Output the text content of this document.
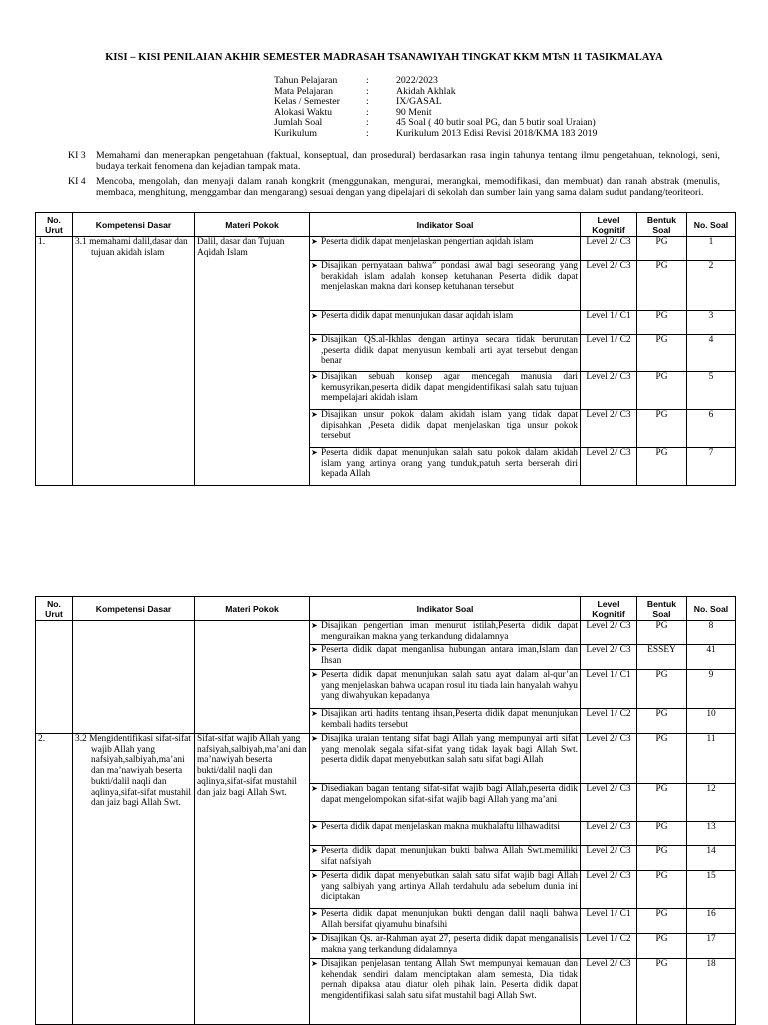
KISI – KISI PENILAIAN AKHIR SEMESTER MADRASAH TSANAWIYAH TINGKAT KKM MTsN 11 TASIKMALAYA
Tahun Pelajaran	:	2022/2023
Mata Pelajaran	:	Akidah Akhlak
Kelas / Semester	:	IX/GASAL
Alokasi Waktu	:	90 Menit
Jumlah Soal	:	45 Soal ( 40 butir soal PG, dan 5 butir soal Uraian)
Kurikulum	:	Kurikulum 2013 Edisi Revisi 2018/KMA 183 2019
KI 3	Memahami dan menerapkan pengetahuan (faktual, konseptual, dan prosedural) berdasarkan rasa ingin tahunya tentang ilmu pengetahuan, teknologi, seni, budaya terkait fenomena dan kejadian tampak mata.
KI 4	Mencoba, mengolah, dan menyaji dalam ranah kongkrit (menggunakan, mengurai, merangkai, memodifikasi, dan membuat) dan ranah abstrak (menulis, membaca, menghitung, menggambar dan mengarang) sesuai dengan yang dipelajari di sekolah dan sumber lain yang sama dalam sudut pandang/teoriteori.
No. Urut	Kompetensi Dasar	Materi Pokok	Indikator Soal	Level Kognitif	Bentuk Soal	No. Soal
1.	3.1 memahami dalil,dasar dan tujuan akidah islam	Dalil, dasar dan Tujuan Aqidah Islam	➤ Peserta didik dapat menjelaskan pengertian aqidah islam	Level 2/ C3	PG	1
			➤ Disajikan pernyataan bahwa” pondasi awal bagi seseorang yang berakidah islam adalah konsep ketuhanan Peserta didik dapat menjelaskan makna dari konsep ketuhanan tersebut	Level 2/ C3	PG	2
			➤ Peserta didik dapat menunjukan dasar aqidah islam	Level 1/ C1	PG	3
			➤ Disajikan QS.al-Ikhlas dengan artinya secara tidak berurutan ,peserta didik dapat menyusun kembali arti ayat tersebut dengan benar	Level 1/ C2	PG	4
			➤ Disajikan sebuah konsep agar mencegah manusia dari kemusyrikan,peserta didik dapat mengidentifikasi salah satu tujuan mempelajari akidah islam	Level 2/ C3	PG	5
			➤ Disajikan unsur pokok dalam akidah islam yang tidak dapat dipisahkan ,Peseta didik dapat menjelaskan tiga unsur pokok tersebut	Level 2/ C3	PG	6
			➤ Peserta didik dapat menunjukan salah satu pokok dalam akidah islam yang artinya orang yang tunduk,patuh serta berserah diri kepada Allah	Level 2/ C3	PG	7
No. Urut	Kompetensi Dasar	Materi Pokok	Indikator Soal	Level Kognitif	Bentuk Soal	No. Soal
			➤ Disajikan pengertian iman menurut istilah,Peserta didik dapat menguraikan makna yang terkandung didalamnya	Level 2/ C3	PG	8
			➤ Peserta didik dapat menganlisa hubungan antara iman,Islam dan Ihsan	Level 2/ C3	ESSEY	41
			➤ Peserta didik dapat menunjukan salah satu ayat dalam al-qur’an yang menjelaskan bahwa ucapan rosul itu tiada lain hanyalah wahyu yang diwahyukan kepadanya	Level 1/ C1	PG	9
			➤ Disajikan arti hadits tentang ihsan,Peserta didik dapat menunjukan kembali hadits tersebut	Level 1/ C2	PG	10
2.	3.2 Mengidentifikasi sifat-sifat wajib Allah yang nafsiyah,salbiyah,ma’ani dan ma’nawiyah beserta bukti/dalil naqli dan aqlinya,sifat-sifat mustahil dan jaiz bagi Allah Swt.	Sifat-sifat wajib Allah yang nafsiyah,salbiyah,ma’ani dan ma’nawiyah beserta bukti/dalil naqli dan aqlinya,sifat-sifat mustahil dan jaiz bagi Allah Swt.	➤ Disajika uraian tentang sifat bagi Allah yang mempunyai arti sifat yang menolak segala sifat-sifat yang tidak layak bagi Allah Swt. peserta didik dapat menyebutkan salah satu sifat bagi Allah	Level 2/ C3	PG	11
			➤ Disediakan bagan tentang sifat-sifat wajib bagi Allah,peserta didik dapat mengelompokan sifat-sifat wajib bagi Allah yang ma’ani	Level 2/ C3	PG	12
			➤ Peserta didik dapat menjelaskan makna mukhalaftu lilhawaditsi	Level 2/ C3	PG	13
			➤ Peserta didik dapat menunjukan bukti bahwa Allah Swt.memiliki sifat nafsiyah	Level 2/ C3	PG	14
			➤ Peserta didik dapat menyebutkan salah satu sifat wajib bagi Allah yang salbiyah yang artinya Allah terdahulu ada sebelum dunia ini diciptakan	Level 2/ C3	PG	15
			➤ Peserta didik dapat menunjukan bukti dengan dalil naqli bahwa Allah bersifat qiyamuhu binafsihi	Level 1/ C1	PG	16
			➤ Disajikan Qs. ar-Rahman ayat 27, peserta didik dapat menganalisis makna yang terkandung didalamnya	Level 1/ C2	PG	17
			➤ Disajikan penjelasan tentang Allah Swt mempunyai kemauan dan kehendak sendiri dalam menciptakan alam semesta, Dia tidak pernah dipaksa atau diatur oleh pihak lain. Peserta didik dapat mengidentifikasi salah satu sifat mustahil bagi Allah Swt.	Level 2/ C3	PG	18
